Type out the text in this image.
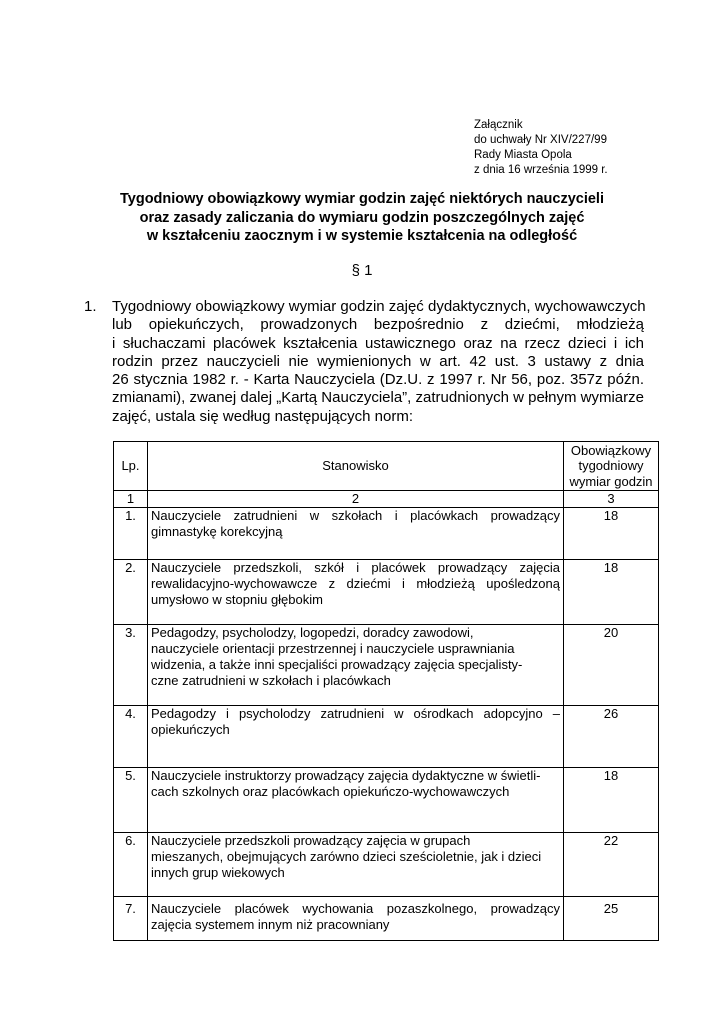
Załącznik
do uchwały Nr XIV/227/99
Rady Miasta Opola
z dnia 16 września 1999 r.
Tygodniowy obowiązkowy wymiar godzin zajęć niektórych nauczycieli
oraz zasady zaliczania do wymiaru godzin poszczególnych zajęć
w kształceniu zaocznym i w systemie kształcenia na odległość
§ 1
1. Tygodniowy obowiązkowy wymiar godzin zajęć dydaktycznych, wychowawczych
lub opiekuńczych, prowadzonych bezpośrednio z dziećmi, młodzieżą
i słuchaczami placówek kształcenia ustawicznego oraz na rzecz dzieci i ich
rodzin przez nauczycieli nie wymienionych w art. 42 ust. 3 ustawy z dnia
26 stycznia 1982 r. - Karta Nauczyciela (Dz.U. z 1997 r. Nr 56, poz. 357z późn.
zmianami), zwanej dalej „Kartą Nauczyciela”, zatrudnionych w pełnym wymiarze
zajęć, ustala się według następujących norm:
Lp.	Stanowisko	Obowiązkowy
tygodniowy
wymiar godzin

1	2	3
1.	Nauczyciele zatrudnieni w szkołach i placówkach prowadzący
gimnastykę korekcyjną	18
2.	Nauczyciele przedszkoli, szkół i placówek prowadzący zajęcia
rewalidacyjno-wychowawcze z dziećmi i młodzieżą upośledzoną
umysłowo w stopniu głębokim	18
3.	Pedagodzy, psycholodzy, logopedzi, doradcy zawodowi,
nauczyciele orientacji przestrzennej i nauczyciele usprawniania
widzenia, a także inni specjaliści prowadzący zajęcia specjalisty-
czne zatrudnieni w szkołach i placówkach	20
4.	Pedagodzy i psycholodzy zatrudnieni w ośrodkach adopcyjno –
opiekuńczych	26
5.	Nauczyciele instruktorzy prowadzący zajęcia dydaktyczne w świetli-
cach szkolnych oraz placówkach opiekuńczo-wychowawczych	18
6.	Nauczyciele przedszkoli prowadzący zajęcia w grupach
mieszanych, obejmujących zarówno dzieci sześcioletnie, jak i dzieci
innych grup wiekowych	22
7.	Nauczyciele placówek wychowania pozaszkolnego, prowadzący
zajęcia systemem innym niż pracowniany	25
